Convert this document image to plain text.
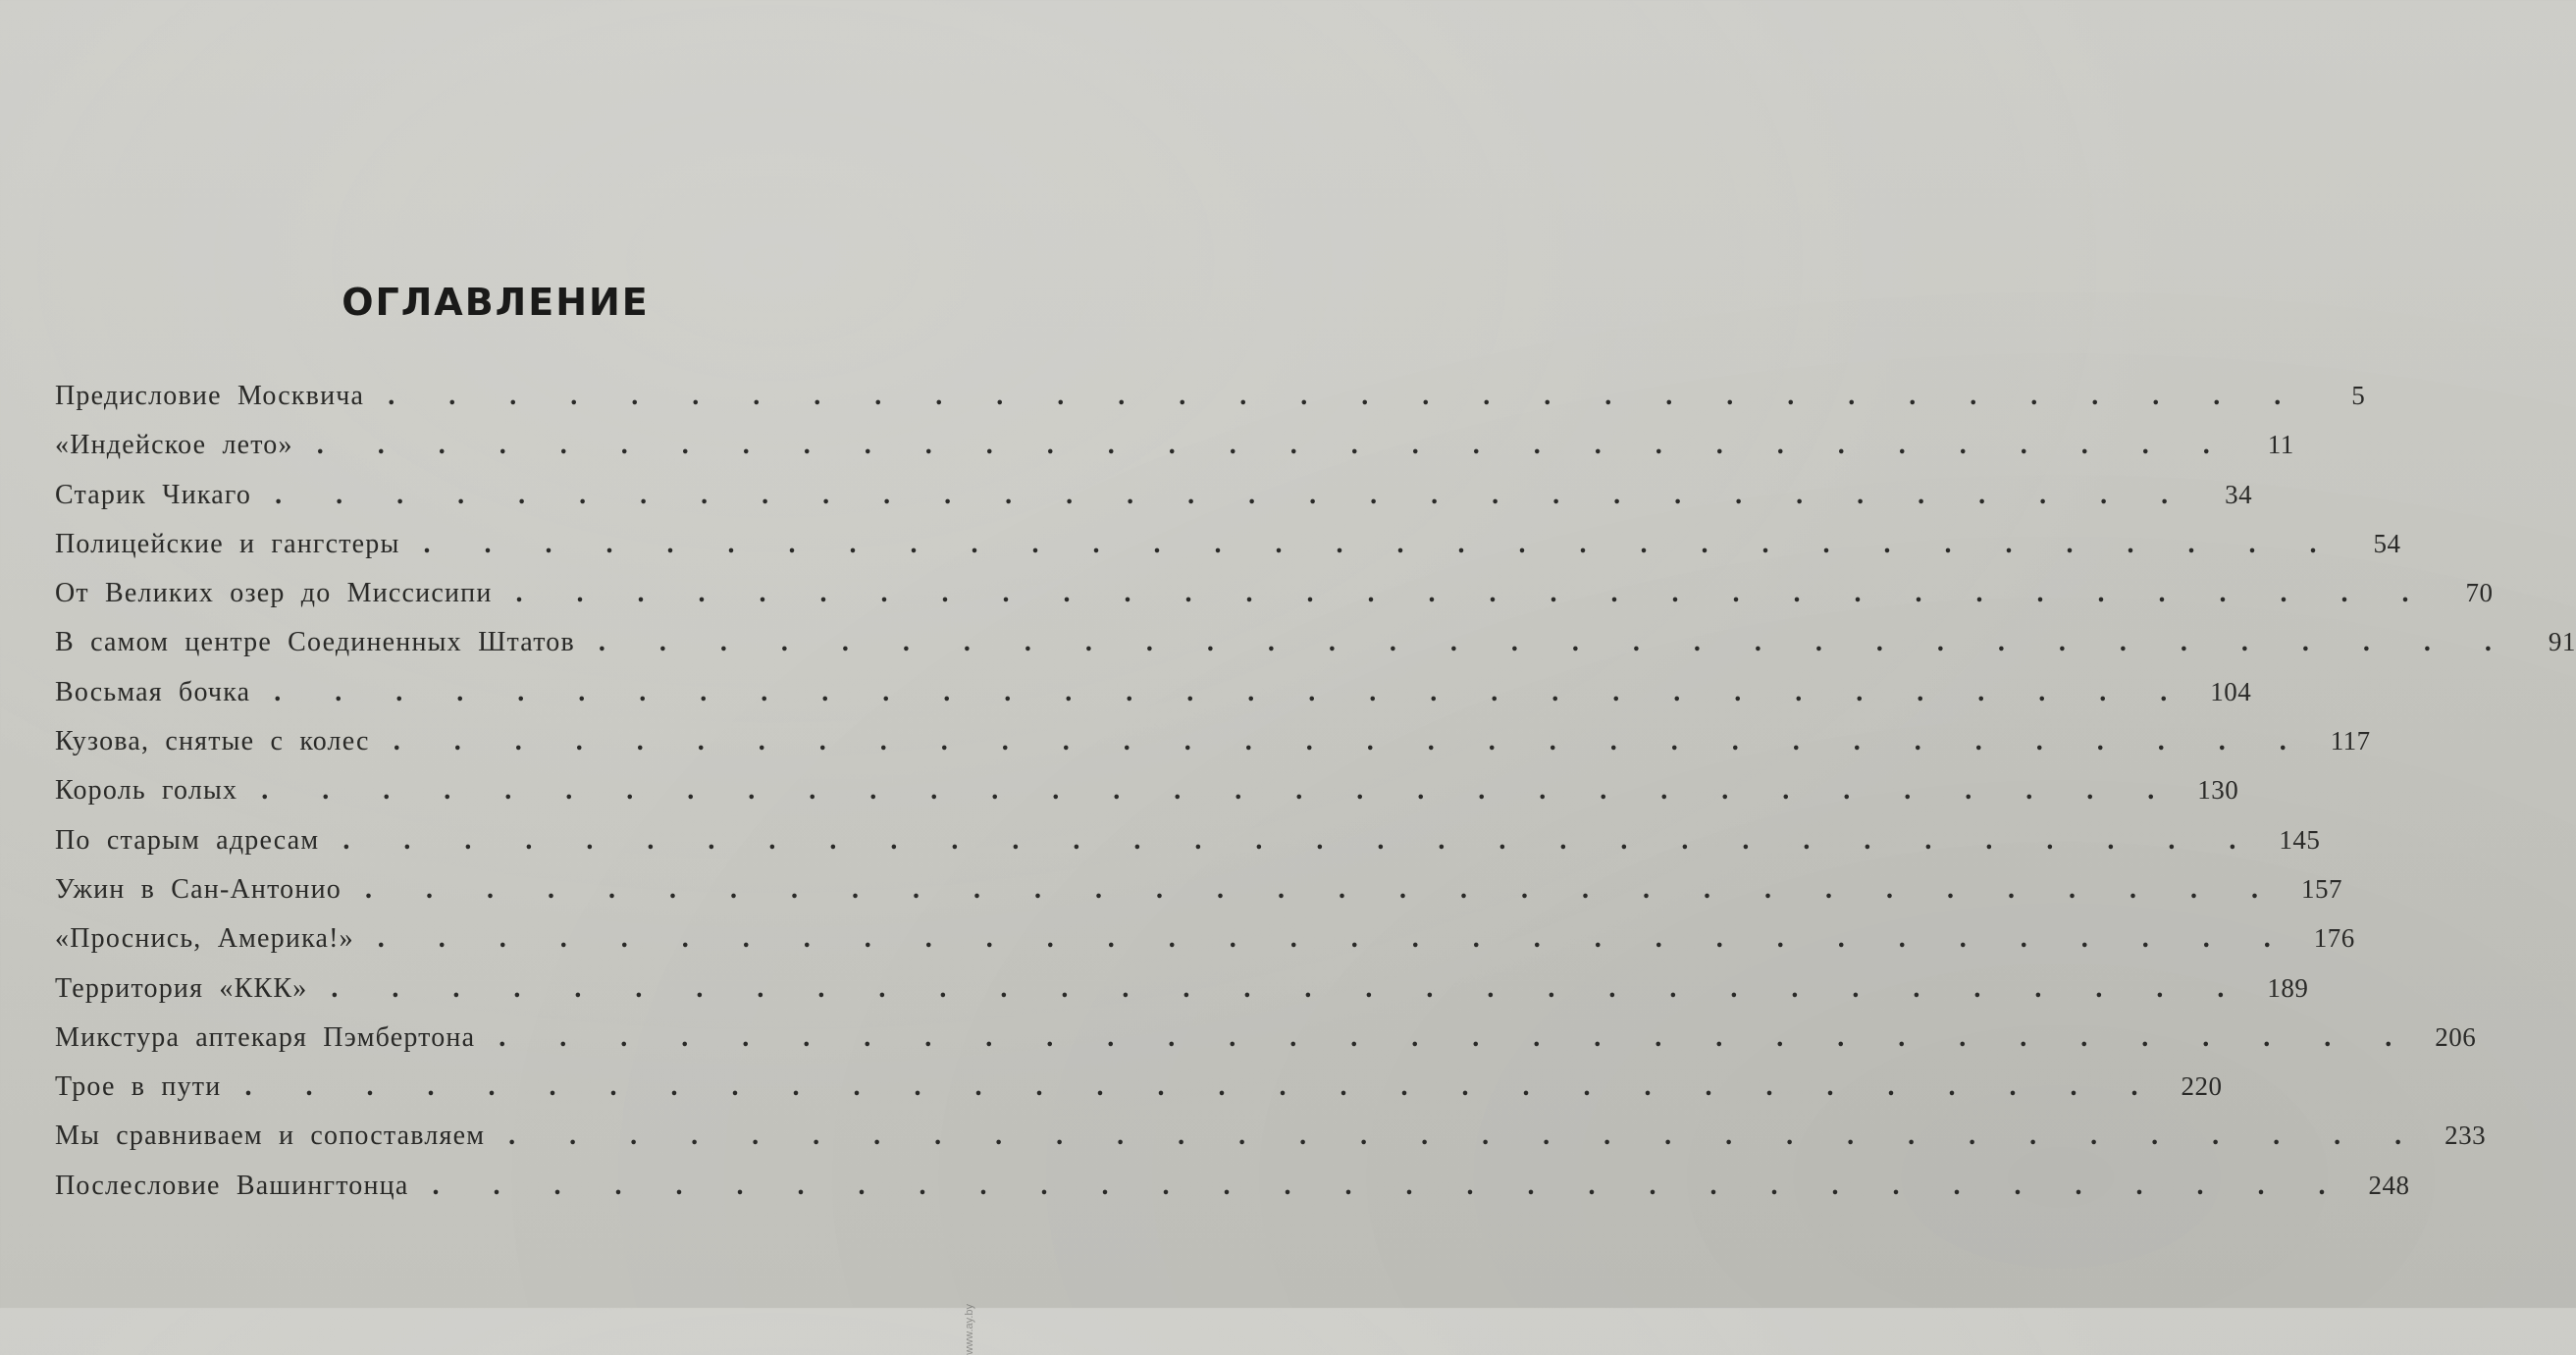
ОГЛАВЛЕНИЕ
Предисловие Москвича . . . . . . . . . . . . . . . . . . . . . . . . . . . . . . . .	5
«Индейское лето» . . . . . . . . . . . . . . . . . . . . . . . . . . . . . . . .	11
Старик Чикаго . . . . . . . . . . . . . . . . . . . . . . . . . . . . . . . .	34
Полицейские и гангстеры . . . . . . . . . . . . . . . . . . . . . . . . . . . . . . . .	54
От Великих озер до Миссисипи . . . . . . . . . . . . . . . . . . . . . . . . . . . . . . . .	70
В самом центре Соединенных Штатов . . . . . . . . . . . . . . . . . . . . . . . . . . . . . . . .	91
Восьмая бочка . . . . . . . . . . . . . . . . . . . . . . . . . . . . . . . . 104
Кузова, снятые с колес . . . . . . . . . . . . . . . . . . . . . . . . . . . . . . . . 117
Король голых . . . . . . . . . . . . . . . . . . . . . . . . . . . . . . . . 130
По старым адресам . . . . . . . . . . . . . . . . . . . . . . . . . . . . . . . . 145
Ужин в Сан-Антонио . . . . . . . . . . . . . . . . . . . . . . . . . . . . . . . . 157
«Проснись, Америка!» . . . . . . . . . . . . . . . . . . . . . . . . . . . . . . . . 176
Территория «ККК» . . . . . . . . . . . . . . . . . . . . . . . . . . . . . . . . 189
Микстура аптекаря Пэмбертона . . . . . . . . . . . . . . . . . . . . . . . . . . . . . . . . 206
Трое в пути . . . . . . . . . . . . . . . . . . . . . . . . . . . . . . . . 220
Мы сравниваем и сопоставляем . . . . . . . . . . . . . . . . . . . . . . . . . . . . . . . . 233
Послесловие Вашингтонца . . . . . . . . . . . . . . . . . . . . . . . . . . . . . . . . 248
www.ay.by
